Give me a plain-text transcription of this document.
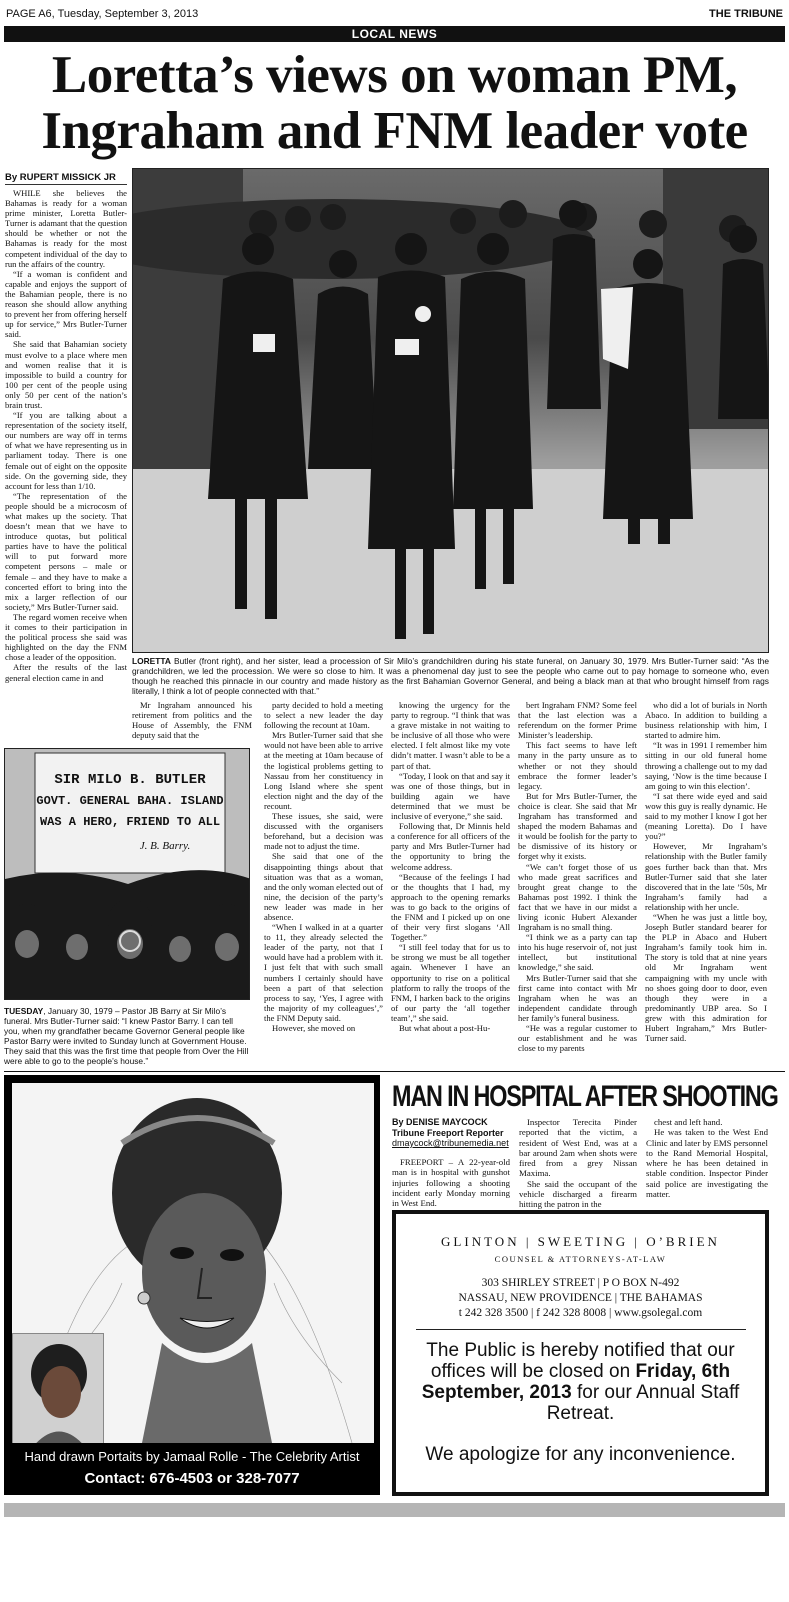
PAGE A6, Tuesday, September 3, 2013	THE TRIBUNE
LOCAL NEWS
Loretta’s views on woman PM,
Ingraham and FNM leader vote
By RUPERT MISSICK JR

WHILE she believes the Bahamas is ready for a woman prime minister, Loretta Butler-Turner is adamant that the question should be whether or not the Bahamas is ready for the most competent individual of the day to run the affairs of the country.

“If a woman is confident and capable and enjoys the support of the Bahamian people, there is no reason she should allow anything to prevent her from offering herself up for service,” Mrs Butler-Turner said.

She said that Bahamian society must evolve to a place where men and women realise that it is impossible to build a country for 100 per cent of the people using only 50 per cent of the nation’s brain trust.

“If you are talking about a representation of the society itself, our numbers are way off in terms of what we have representing us in parliament today. There is one female out of eight on the opposite side. On the governing side, they account for less than 1/10.

“The representation of the people should be a microcosm of what makes up the society. That doesn’t mean that we have to introduce quotas, but political parties have to have the political will to put forward more competent persons – male or female – and they have to make a concerted effort to bring into the mix a larger reflection of our society,” Mrs Butler-Turner said.

The regard women receive when it comes to their participation in the political process she said was highlighted on the day the FNM chose a leader of the opposition.

After the results of the last general election came in and

LORETTA Butler (front right), and her sister, lead a procession of Sir Milo’s grandchildren during his state funeral, on January 30, 1979. Mrs Butler-Turner said: “As the grandchildren, we led the procession. We were so close to him. It was a phenomenal day just to see the people who came out to pay homage to someone who, even though he reached this pinnacle in our country and made history as the first Bahamian Governor General, and being a black man at that who brought himself from rags literally, I think a lot of people connected with that.”

Mr Ingraham announced his retirement from politics and the House of Assembly, the FNM deputy said that the

SIR MILO B. BUTLER
GOVT. GENERAL BAHA. ISLAND
WAS A HERO, FRIEND TO ALL
J. B. Barry.
TUESDAY, January 30, 1979 – Pastor JB Barry at Sir Milo’s funeral. Mrs Butler-Turner said: “I knew Pastor Barry. I can tell you, when my grandfather became Governor General people like Pastor Barry were invited to Sunday lunch at Government House. They said that this was the first time that people from Over the Hill were able to go to the people’s house.”

party decided to hold a meeting to select a new leader the day following the recount at 10am.

Mrs Butler-Turner said that she would not have been able to arrive at the meeting at 10am because of the logistical problems getting to Nassau from her constituency in Long Island where she spent election night and the day of the recount.

These issues, she said, were discussed with the organisers beforehand, but a decision was made not to adjust the time.

She said that one of the disappointing things about that situation was that as a woman, and the only woman elected out of nine, the decision of the party’s new leader was made in her absence.

“When I walked in at a quarter to 11, they already selected the leader of the party, not that I would have had a problem with it. I just felt that with such small numbers I certainly should have been a part of that selection process to say, ‘Yes, I agree with the majority of my colleagues’,” the FNM Deputy said.

However, she moved on

knowing the urgency for the party to regroup. “I think that was a grave mistake in not waiting to be inclusive of all those who were elected. I felt almost like my vote didn’t matter. I wasn’t able to be a part of that.

“Today, I look on that and say it was one of those things, but in building again we have determined that we must be inclusive of everyone,” she said.

Following that, Dr Minnis held a conference for all officers of the party and Mrs Butler-Turner had the opportunity to bring the welcome address.

“Because of the feelings I had or the thoughts that I had, my approach to the opening remarks was to go back to the origins of the FNM and I picked up on one of their very first slogans ‘All Together.”

“I still feel today that for us to be strong we must be all together again. Whenever I have an opportunity to rise on a political platform to rally the troops of the FNM, I harken back to the origins of our party the ‘all together team’,” she said.

But what about a post-Hu-

bert Ingraham FNM? Some feel that the last election was a referendum on the former Prime Minister’s leadership.

This fact seems to have left many in the party unsure as to whether or not they should embrace the former leader’s legacy.

But for Mrs Butler-Turner, the choice is clear. She said that Mr Ingraham has transformed and shaped the modern Bahamas and it would be foolish for the party to be dismissive of its history or forget why it exists.

“We can’t forget those of us who made great sacrifices and brought great change to the Bahamas post 1992. I think the fact that we have in our midst a living iconic Hubert Alexander Ingraham is no small thing.

“I think we as a party can tap into his huge reservoir of, not just intellect, but institutional knowledge,” she said.

Mrs Butler-Turner said that she first came into contact with Mr Ingraham when he was an independent candidate through her family’s funeral business.

“He was a regular customer to our establishment and he was close to my parents

who did a lot of burials in North Abaco. In addition to building a business relationship with him, I started to admire him.

“It was in 1991 I remember him sitting in our old funeral home throwing a challenge out to my dad saying, ‘Now is the time because I am going to win this election’.

“I sat there wide eyed and said wow this guy is really dynamic. He said to my mother I know I got her (meaning Loretta). Do I have you?”

However, Mr Ingraham’s relationship with the Butler family goes further back than that. Mrs Butler-Turner said that she later discovered that in the late ’50s, Mr Ingraham’s family had a relationship with her uncle.

“When he was just a little boy, Joseph Butler standard bearer for the PLP in Abaco and Hubert Ingraham’s family took him in. The story is told that at nine years old Mr Ingraham went campaigning with my uncle with no shoes going door to door, even though they were in a predominantly UBP area. So I grew with this admiration for Hubert Ingraham,” Mrs Butler-Turner said.

Hand drawn Portaits by Jamaal Rolle - The Celebrity Artist
Contact: 676-4503 or 328-7077
MAN IN HOSPITAL AFTER SHOOTING
By DENISE MAYCOCK
Tribune Freeport Reporter
dmaycock@tribunemedia.net

FREEPORT – A 22-year-old man is in hospital with gunshot injuries following a shooting incident early Monday morning in West End.

Inspector Terecita Pinder reported that the victim, a resident of West End, was at a bar around 2am when shots were fired from a grey Nissan Maxima.

She said the occupant of the vehicle discharged a firearm hitting the patron in the

chest and left hand.

He was taken to the West End Clinic and later by EMS personnel to the Rand Memorial Hospital, where he has been detained in stable condition. Inspector Pinder said police are investigating the matter.

GLINTON | SWEETING | O’BRIEN
COUNSEL & ATTORNEYS-AT-LAW
303 SHIRLEY STREET | P O BOX N-492
NASSAU, NEW PROVIDENCE | THE BAHAMAS
t 242 328 3500 | f 242 328 8008 | www.gsolegal.com
The Public is hereby notified that our offices will be closed on Friday, 6th September, 2013 for our Annual Staff Retreat.
We apologize for any inconvenience.
